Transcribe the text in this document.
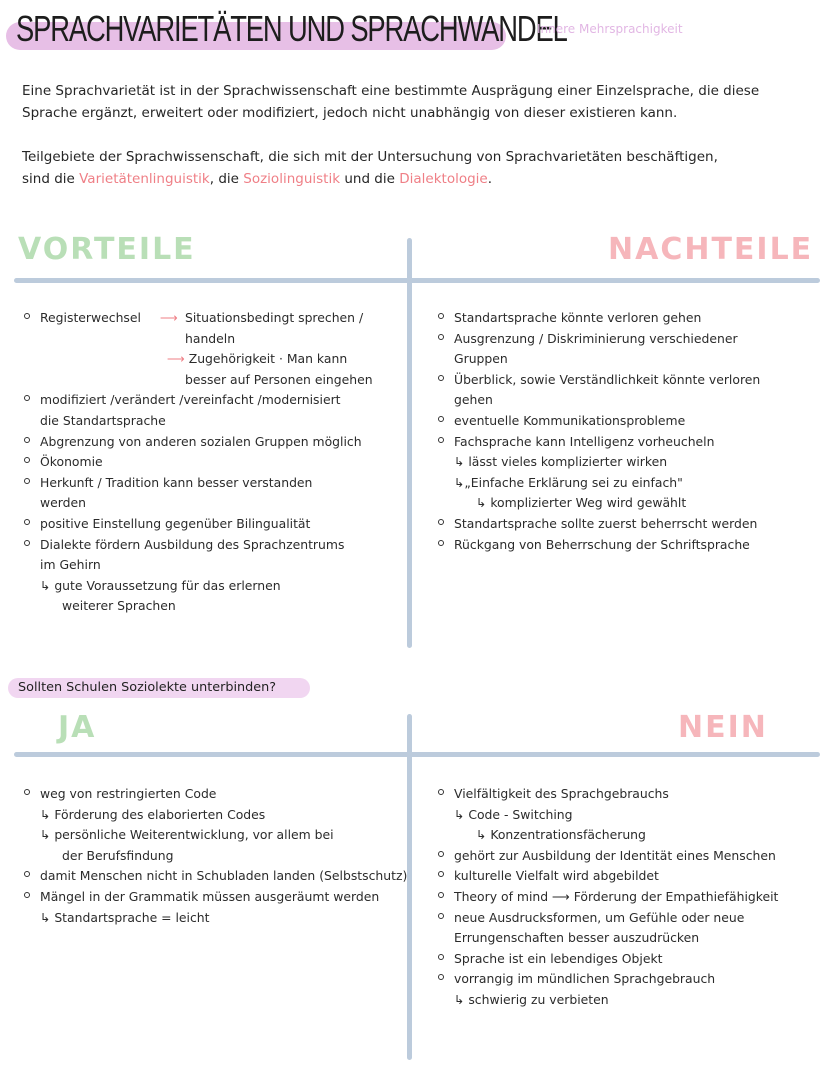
SPRACHVARIETÄTEN UND SPRACHWANDEL
Innere Mehrsprachigkeit
Eine Sprachvarietät ist in der Sprachwissenschaft eine bestimmte Ausprägung einer Einzelsprache, die diese
Sprache ergänzt, erweitert oder modifiziert, jedoch nicht unabhängig von dieser existieren kann.
Teilgebiete der Sprachwissenschaft, die sich mit der Untersuchung von Sprachvarietäten beschäftigen,
sind die Varietätenlinguistik, die Soziolinguistik und die Dialektologie.
VORTEILE	NACHTEILE
Registerwechsel ⟶ Situationsbedingt sprechen /
handeln
⟶ Zugehörigkeit · Man kann
besser auf Personen eingehen
modifiziert /verändert /vereinfacht /modernisiert
die Standartsprache
Abgrenzung von anderen sozialen Gruppen möglich
Ökonomie
Herkunft / Tradition kann besser verstanden
werden
positive Einstellung gegenüber Bilingualität
Dialekte fördern Ausbildung des Sprachzentrums
im Gehirn
↳ gute Voraussetzung für das erlernen
weiterer Sprachen
Standartsprache könnte verloren gehen
Ausgrenzung / Diskriminierung verschiedener
Gruppen
Überblick, sowie Verständlichkeit könnte verloren
gehen
eventuelle Kommunikationsprobleme
Fachsprache kann Intelligenz vorheucheln
↳ lässt vieles komplizierter wirken
↳„Einfache Erklärung sei zu einfach"
↳ komplizierter Weg wird gewählt
Standartsprache sollte zuerst beherrscht werden
Rückgang von Beherrschung der Schriftsprache
Sollten Schulen Soziolekte unterbinden?
JA	NEIN
weg von restringierten Code
↳ Förderung des elaborierten Codes
↳ persönliche Weiterentwicklung, vor allem bei
der Berufsfindung
damit Menschen nicht in Schubladen landen (Selbstschutz)
Mängel in der Grammatik müssen ausgeräumt werden
↳ Standartsprache = leicht
Vielfältigkeit des Sprachgebrauchs
↳ Code - Switching
↳ Konzentrationsfächerung
gehört zur Ausbildung der Identität eines Menschen
kulturelle Vielfalt wird abgebildet
Theory of mind ⟶ Förderung der Empathiefähigkeit
neue Ausdrucksformen, um Gefühle oder neue
Errungenschaften besser auszudrücken
Sprache ist ein lebendiges Objekt
vorrangig im mündlichen Sprachgebrauch
↳ schwierig zu verbieten
